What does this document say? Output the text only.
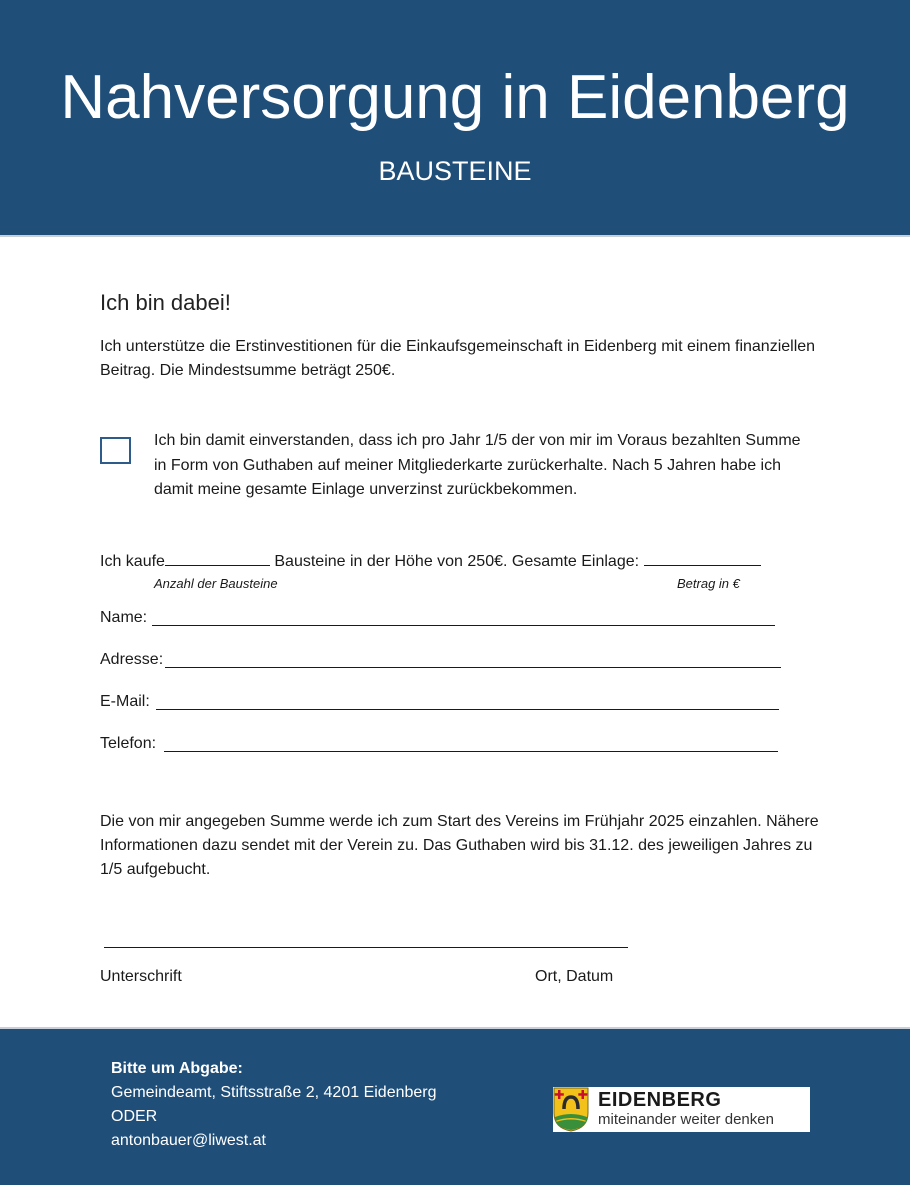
Nahversorgung in Eidenberg
BAUSTEINE
Ich bin dabei!
Ich unterstütze die Erstinvestitionen für die Einkaufsgemeinschaft in Eidenberg mit einem finanziellen Beitrag. Die Mindestsumme beträgt 250€.
Ich bin damit einverstanden, dass ich pro Jahr 1/5 der von mir im Voraus bezahlten Summe in Form von Guthaben auf meiner Mitgliederkarte zurückerhalte. Nach 5 Jahren habe ich damit meine gesamte Einlage unverzinst zurückbekommen.
Ich kaufe	Bausteine in der Höhe von 250€. Gesamte Einlage:
Anzahl der Bausteine	Betrag in €
Name:
Adresse:
E-Mail:
Telefon:
Die von mir angegeben Summe werde ich zum Start des Vereins im Frühjahr 2025 einzahlen. Nähere Informationen dazu sendet mit der Verein zu. Das Guthaben wird bis 31.12. des jeweiligen Jahres zu 1/5 aufgebucht.
Unterschrift	Ort, Datum
Bitte um Abgabe:
Gemeindeamt, Stiftsstraße 2, 4201 Eidenberg
ODER
antonbauer@liwest.at
EIDENBERG
miteinander weiter denken
